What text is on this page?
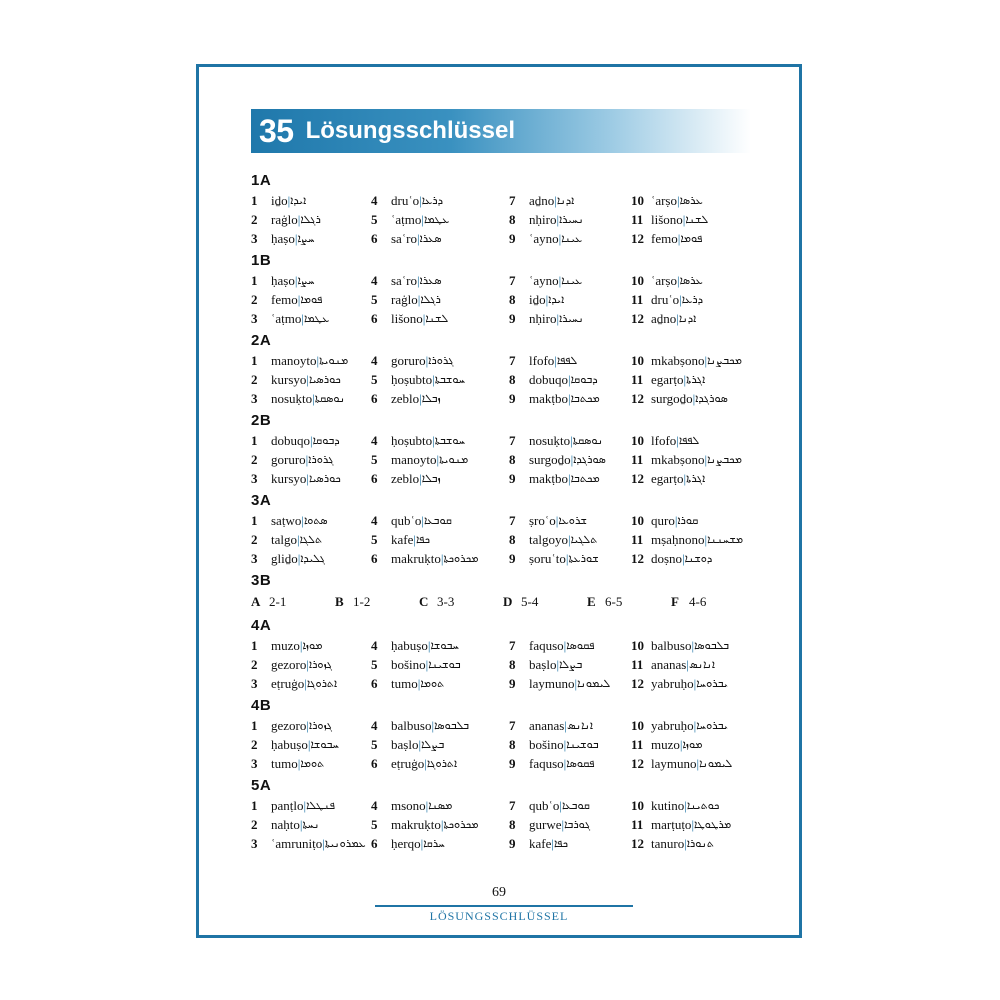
35 Lösungsschlüssel
1A
1	iḏo | ܐܝܕܐ	4	druʿo | ܕܪܥܐ	7	aḏno | ܐܕܢܐ	10 ʿarṣo | ܥܪܣܐ
2	raġlo | ܪܓܠܐ	5	ʿaṭmo | ܥܛܡܐ	8	nḥiro | ܢܚܝܪܐ	11 lišono | ܠܫܢܐ
3	ḥaṣo | ܚܨܐ	6	saʿro | ܣܥܪܐ	9	ʿayno | ܥܝܢܐ	12 femo | ܦܘܡܐ
1B
1	ḥaṣo | ܚܨܐ	4	saʿro | ܣܥܪܐ	7	ʿayno | ܥܝܢܐ	10 ʿarṣo | ܥܪܣܐ
2	femo | ܦܘܡܐ	5	raġlo | ܪܓܠܐ	8	iḏo | ܐܝܕܐ	11 druʿo | ܕܪܥܐ
3	ʿaṭmo | ܥܛܡܐ	6	lišono | ܠܫܢܐ	9	nḥiro | ܢܚܝܪܐ	12 aḏno | ܐܕܢܐ
2A
1	manoyto | ܡܢܘܝܬܐ 4	goruro | ܓܪܘܪܐ	7	lfofo | ܠܦܦܐ	10 mkabṣono | ܡܟܒܨܢܐ
2	kursyo | ܟܘܪܣܝܐ 5	ḥoṣubto | ܚܘܫܒܬܐ	8	dobuqo | ܕܒܘܩܐ	11 egarṭo | ܐܓܪܬܐ
3	nosuḳto | ܢܘܣܩܬܐ 6	zeblo | ܙܒܠܐ	9	makṭbo | ܡܟܬܒܐ 12 surgoḏo | ܣܘܪܓܕܐ
2B
1	dobuqo | ܕܒܘܩܐ 4	ḥoṣubto | ܚܘܫܒܬܐ	7	nosuḳto | ܢܘܣܩܬܐ 10 lfofo | ܠܦܦܐ
2	goruro | ܓܪܘܪܐ	5	manoyto | ܡܢܘܝܬܐ	8	surgoḏo | ܣܘܪܓܕܐ 11 mkabṣono | ܡܟܒܨܢܐ
3	kursyo | ܟܘܪܣܝܐ 6	zeblo | ܙܒܠܐ	9	makṭbo | ܡܟܬܒܐ 12 egarṭo | ܐܓܪܬܐ
3A
1	saṭwo | ܣܬܘܐ	4	qubʿo | ܩܘܒܥܐ	7	ṣroʿo | ܫܪܘܥܐ	10 quro | ܩܘܪܐ
2	talgo | ܬܠܓܐ	5	kafe | ܟܦܐ	8	talgoyo | ܬܠܓܝܐ	11 mṣaḥnono | ܡܫܚܢܢܐ
3	gliḏo | ܓܠܝܕܐ	6	makruḳto | ܡܟܪܘܟܬܐ 9	ṣoruʿto | ܫܘܪܥܬܐ 12 doṣno | ܕܘܫܢܐ
3B
A 2-1	B 1-2	C 3-3	D 5-4	E 6-5	F 4-6
4A
1	muzo | ܡܘܙܐ	4	ḥabuṣo | ܚܒܘܫܐ	7	faquso | ܦܩܘܣܐ	10 balbuso | ܒܠܒܘܣܐ
2	gezoro | ܓܙܘܪܐ	5	bošino | ܒܘܫܝܢܐ	8	baṣlo | ܒܨܠܐ	11 ananas | ܐܢܐܢܣ
3	eṭruġo | ܐܬܪܘܓܐ	6	tumo | ܬܘܡܐ	9	laymuno | ܠܝܡܘܢܐ 12 yabruḥo | ܝܒܪܘܚܐ
4B
1	gezoro | ܓܙܘܪܐ	4	balbuso | ܒܠܒܘܣܐ	7	ananas | ܐܢܐܢܣ	10 yabruḥo | ܝܒܪܘܚܐ
2	ḥabuṣo | ܚܒܘܫܐ 5	baṣlo | ܒܨܠܐ	8	bošino | ܒܘܫܝܢܐ 11 muzo | ܡܘܙܐ
3	tumo | ܬܘܡܐ	6	eṭruġo | ܐܬܪܘܓܐ	9	faquso | ܦܩܘܣܐ	12 laymuno | ܠܝܡܘܢܐ
5A
1	panṭlo | ܦܢܛܠܐ	4	msono | ܡܣܢܐ	7	qubʿo | ܩܘܒܥܐ	10 kutino | ܟܘܬܝܢܐ
2	naḥto | ܢܚܬܐ	5	makruḳto | ܡܟܪܘܟܬܐ 8	gurwe | ܓܘܪܒܐ	11 marṭuṭo | ܡܪܛܘܛܐ
3	ʿamruniṭo | ܥܡܪܘܢܝܬܐ 6	ḥerqo | ܚܪܩܐ	9	kafe | ܟܦܐ	12 tanuro | ܬܢܘܪܐ
69
LÖSUNGSSCHLÜSSEL
